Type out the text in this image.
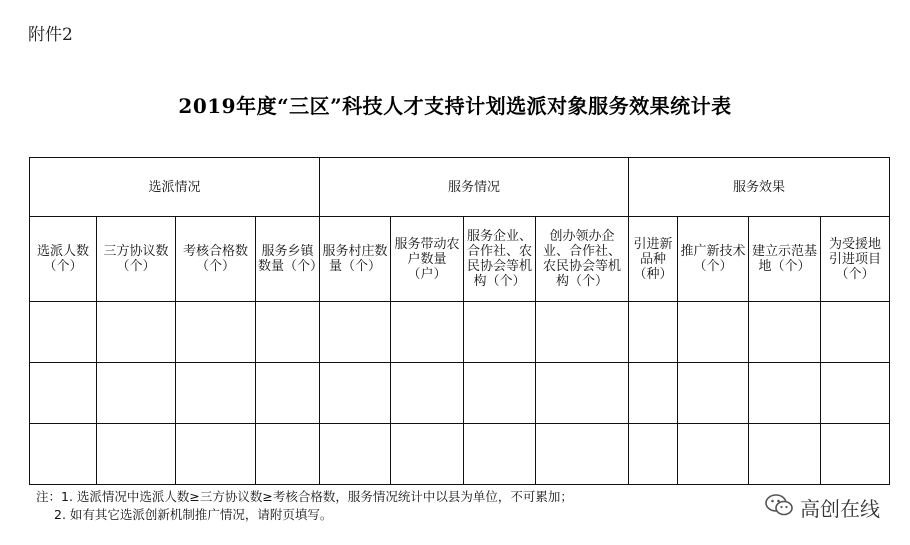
附件2
2019年度“三区”科技人才支持计划选派对象服务效果统计表
选派情况				服务情况				服务效果			
选派人数（个）	三方协议数（个）	考核合格数（个）	服务乡镇数量（个）	服务村庄数量（个）	服务带动农户数量（户）	服务企业、合作社、农民协会等机构（个）	创办领办企业、合作社、农民协会等机构（个）	引进新品种（种）	推广新技术（个）	建立示范基地（个）	为受援地引进项目（个）

注：1. 选派情况中选派人数≥三方协议数≥考核合格数，服务情况统计中以县为单位，不可累加；
2. 如有其它选派创新机制推广情况，请附页填写。	高创在线
